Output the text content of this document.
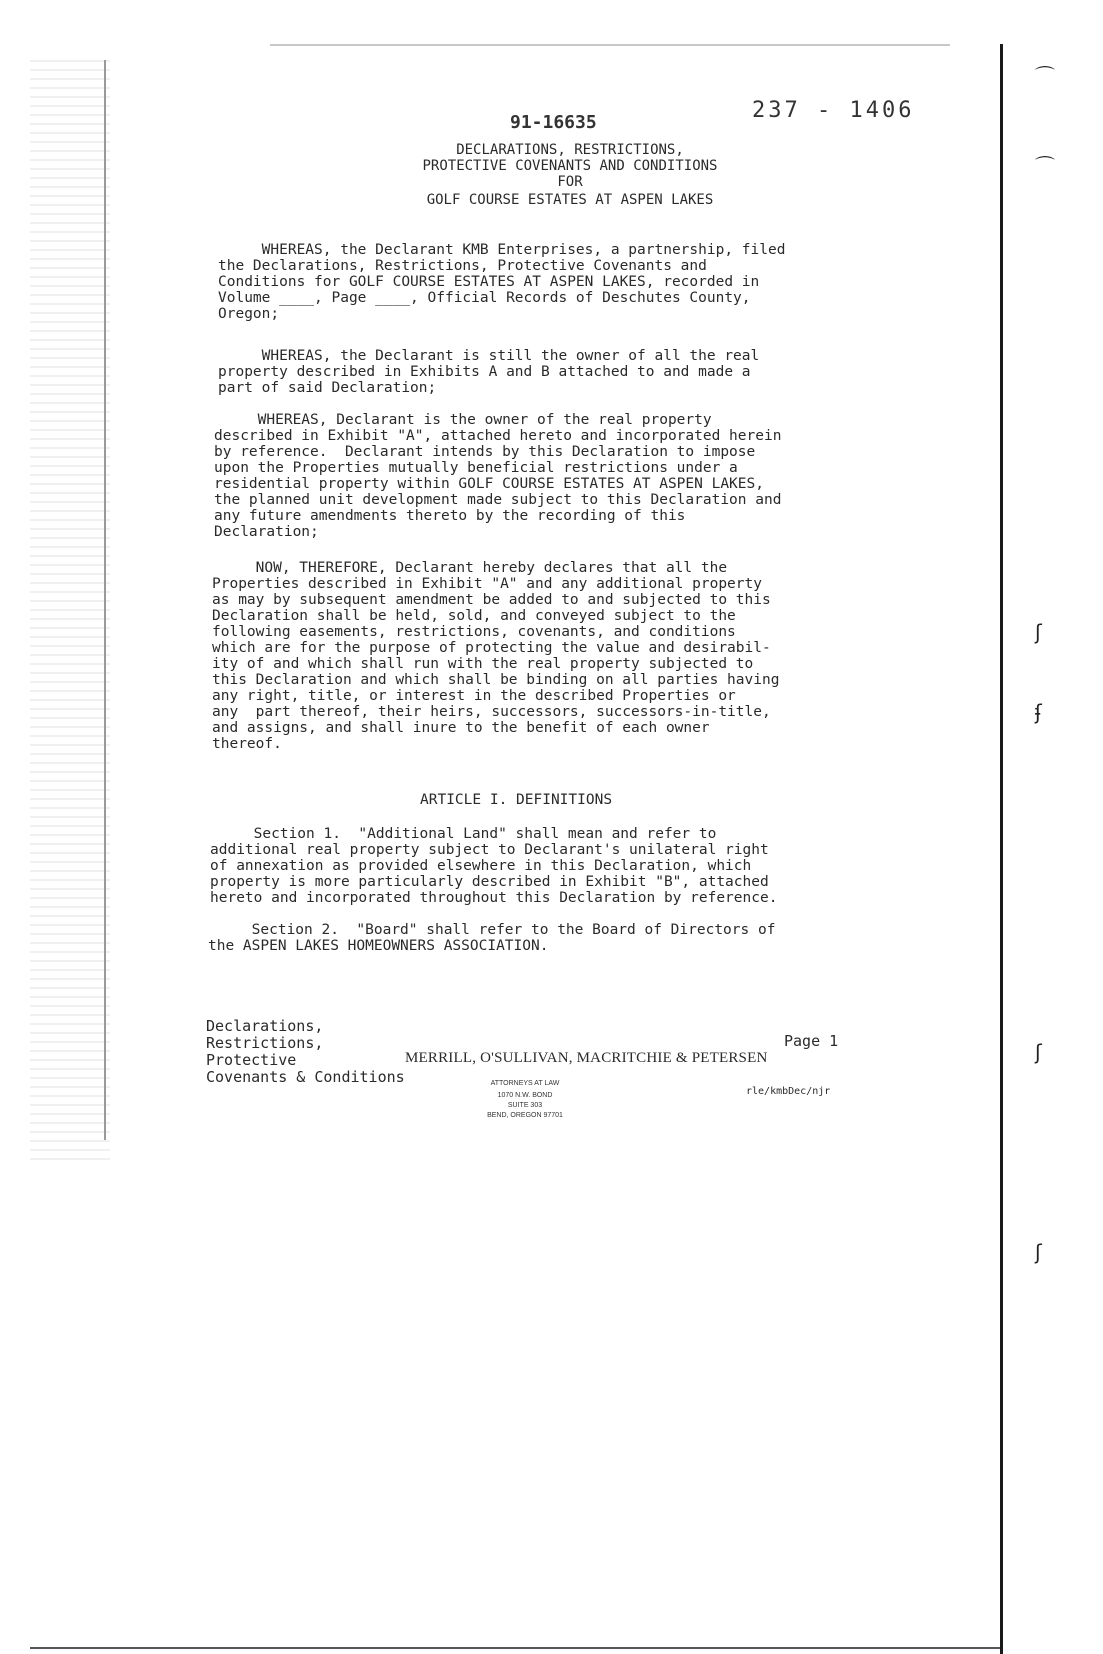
91-16635	237 - 1406
DECLARATIONS, RESTRICTIONS,
PROTECTIVE COVENANTS AND CONDITIONS
FOR
GOLF COURSE ESTATES AT ASPEN LAKES
WHEREAS, the Declarant KMB Enterprises, a partnership, filed
the Declarations, Restrictions, Protective Covenants and
Conditions for GOLF COURSE ESTATES AT ASPEN LAKES, recorded in
Volume ____, Page ____, Official Records of Deschutes County,
Oregon;
WHEREAS, the Declarant is still the owner of all the real
property described in Exhibits A and B attached to and made a
part of said Declaration;
WHEREAS, Declarant is the owner of the real property
described in Exhibit "A", attached hereto and incorporated herein
by reference.  Declarant intends by this Declaration to impose
upon the Properties mutually beneficial restrictions under a
residential property within GOLF COURSE ESTATES AT ASPEN LAKES,
the planned unit development made subject to this Declaration and
any future amendments thereto by the recording of this
Declaration;
NOW, THEREFORE, Declarant hereby declares that all the
Properties described in Exhibit "A" and any additional property
as may by subsequent amendment be added to and subjected to this
Declaration shall be held, sold, and conveyed subject to the
following easements, restrictions, covenants, and conditions
which are for the purpose of protecting the value and desirabil-
ity of and which shall run with the real property subjected to
this Declaration and which shall be binding on all parties having
any right, title, or interest in the described Properties or
any  part thereof, their heirs, successors, successors-in-title,
and assigns, and shall inure to the benefit of each owner
thereof.
ARTICLE I. DEFINITIONS
Section 1.  "Additional Land" shall mean and refer to
additional real property subject to Declarant's unilateral right
of annexation as provided elsewhere in this Declaration, which
property is more particularly described in Exhibit "B", attached
hereto and incorporated throughout this Declaration by reference.
Section 2.  "Board" shall refer to the Board of Directors of
the ASPEN LAKES HOMEOWNERS ASSOCIATION.
Declarations,
Restrictions,
Protective
Covenants & Conditions
Page 1
rle/kmbDec/njr
MERRILL, O'SULLIVAN, MACRITCHIE & PETERSEN
ATTORNEYS AT LAW
1070 N.W. BOND
SUITE 303
BEND, OREGON 97701
⌒
⌒
ʃ
ʄ
ʃ
ʃ
